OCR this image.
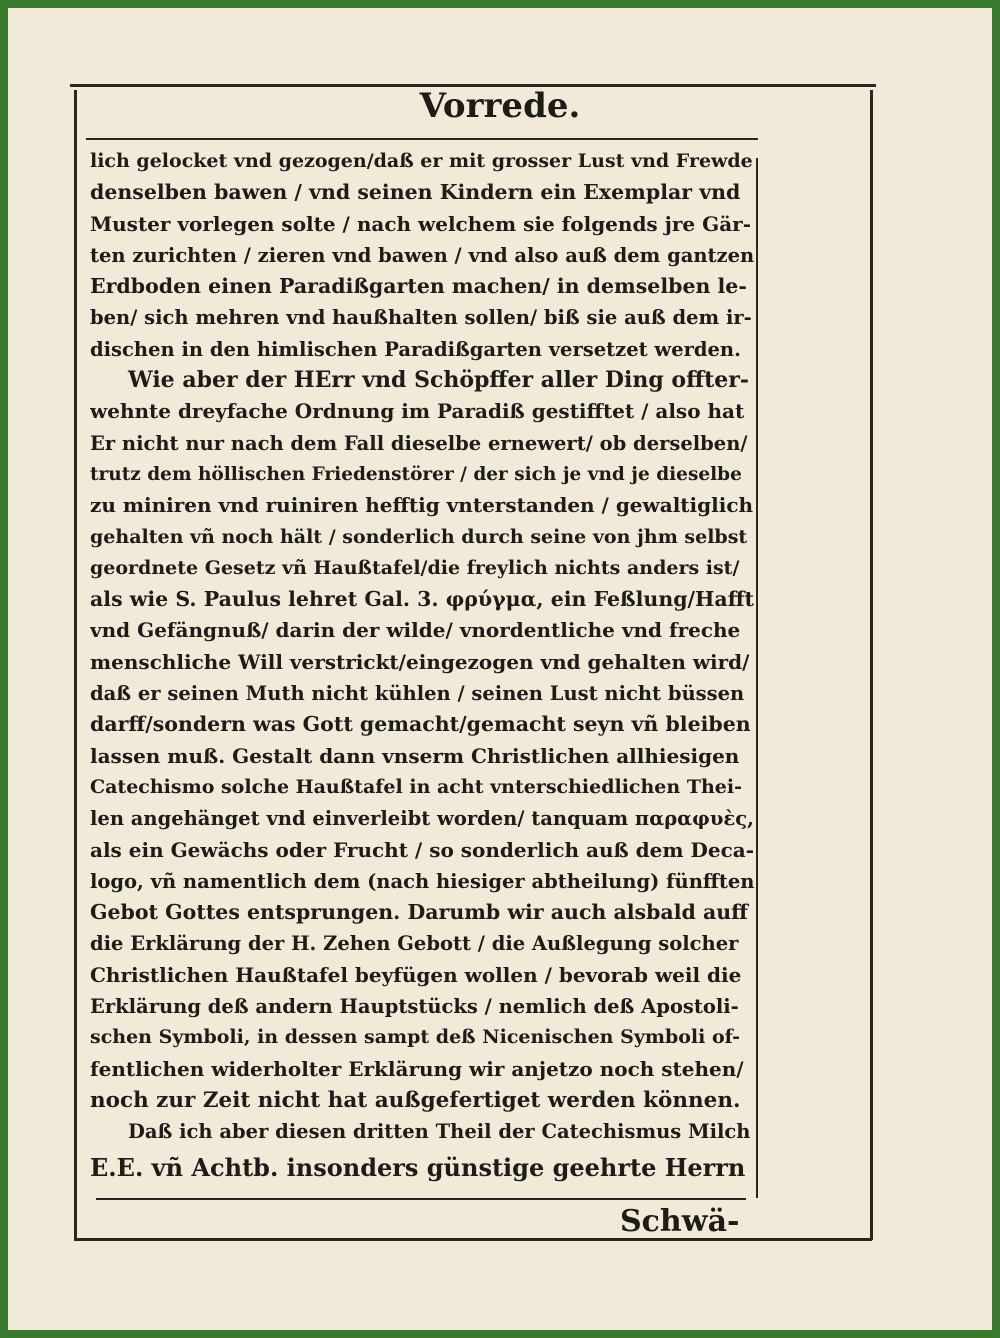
Vorrede.
lich gelocket vnd gezogen/daß er mit grosser Lust vnd Frewde
denselben bawen / vnd seinen Kindern ein Exemplar vnd
Muster vorlegen solte / nach welchem sie folgends jre Gär-
ten zurichten / zieren vnd bawen / vnd also auß dem gantzen
Erdboden einen Paradißgarten machen/ in demselben le-
ben/ sich mehren vnd haußhalten sollen/ biß sie auß dem ir-
dischen in den himlischen Paradißgarten versetzet werden.
Wie aber der HErr vnd Schöpffer aller Ding offter-
wehnte dreyfache Ordnung im Paradiß gestifftet / also hat
Er nicht nur nach dem Fall dieselbe ernewert/ ob derselben/
trutz dem höllischen Friedenstörer / der sich je vnd je dieselbe
zu miniren vnd ruiniren hefftig vnterstanden / gewaltiglich
gehalten vñ noch hält / sonderlich durch seine von jhm selbst
geordnete Gesetz vñ Haußtafel/die freylich nichts anders ist/
als wie S. Paulus lehret Gal. 3. φρύγμα, ein Feßlung/Hafft
vnd Gefängnuß/ darin der wilde/ vnordentliche vnd freche
menschliche Will verstrickt/eingezogen vnd gehalten wird/
daß er seinen Muth nicht kühlen / seinen Lust nicht büssen
darff/sondern was Gott gemacht/gemacht seyn vñ bleiben
lassen muß. Gestalt dann vnserm Christlichen allhiesigen
Catechismo solche Haußtafel in acht vnterschiedlichen Thei-
len angehänget vnd einverleibt worden/ tanquam παραφυὲς,
als ein Gewächs oder Frucht / so sonderlich auß dem Deca-
logo, vñ namentlich dem (nach hiesiger abtheilung) fünfften
Gebot Gottes entsprungen. Darumb wir auch alsbald auff
die Erklärung der H. Zehen Gebott / die Außlegung solcher
Christlichen Haußtafel beyfügen wollen / bevorab weil die
Erklärung deß andern Hauptstücks / nemlich deß Apostoli-
schen Symboli, in dessen sampt deß Nicenischen Symboli of-
fentlichen widerholter Erklärung wir anjetzo noch stehen/
noch zur Zeit nicht hat außgefertiget werden können.
Daß ich aber diesen dritten Theil der Catechismus Milch
E.E. vñ Achtb. insonders günstige geehrte Herrn
Schwä-
